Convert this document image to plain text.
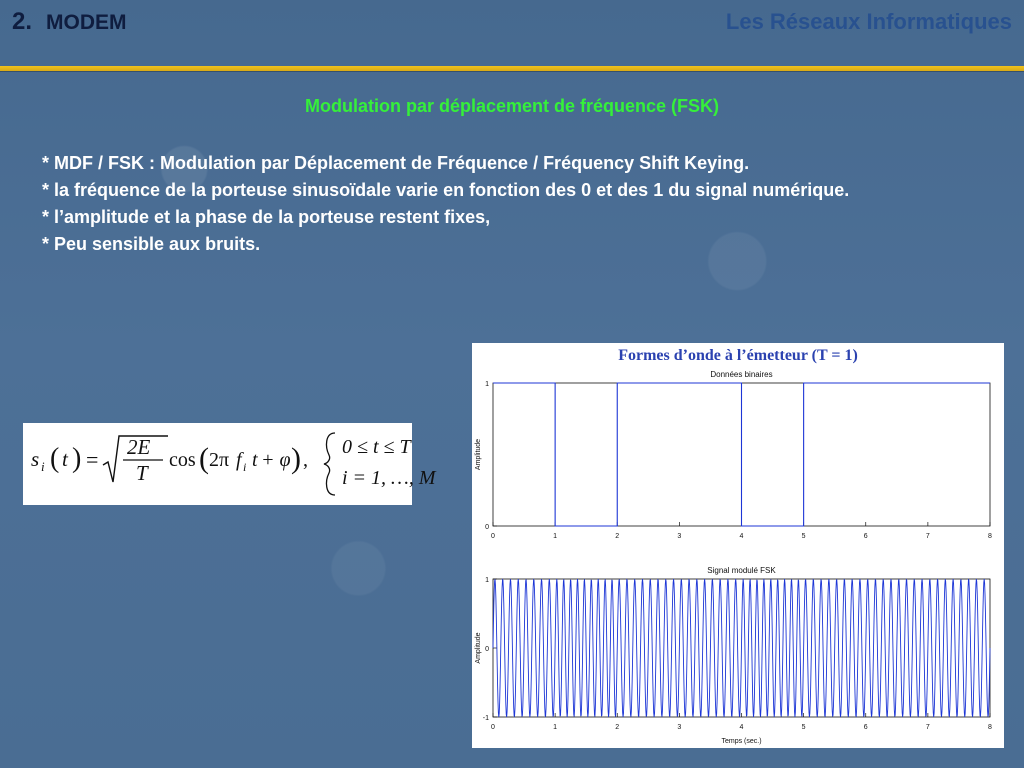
2. MODEM	Les Réseaux Informatiques
Modulation par déplacement de fréquence (FSK)

* MDF / FSK : Modulation par Déplacement de Fréquence / Fréquency Shift Keying.

* la fréquence de la porteuse sinusoïdale varie en fonction des 0 et des 1 du signal numérique.

* l’amplitude et la phase de la porteuse restent fixes,

* Peu sensible aux bruits.

s i ( t ) = 2E
T
cos ( 2π f i t + φ ) ,
0 ≤ t ≤ T
i = 1, …, M
Formes d’onde à l’émetteur (T = 1)
Données binaires
Amplitude
0	1	2	3	4	5	6	7	8
0
1
Signal modulé FSK
Amplitude
Temps (sec.)
0	1	2	3	4	5	6	7	8
-1
0
1
